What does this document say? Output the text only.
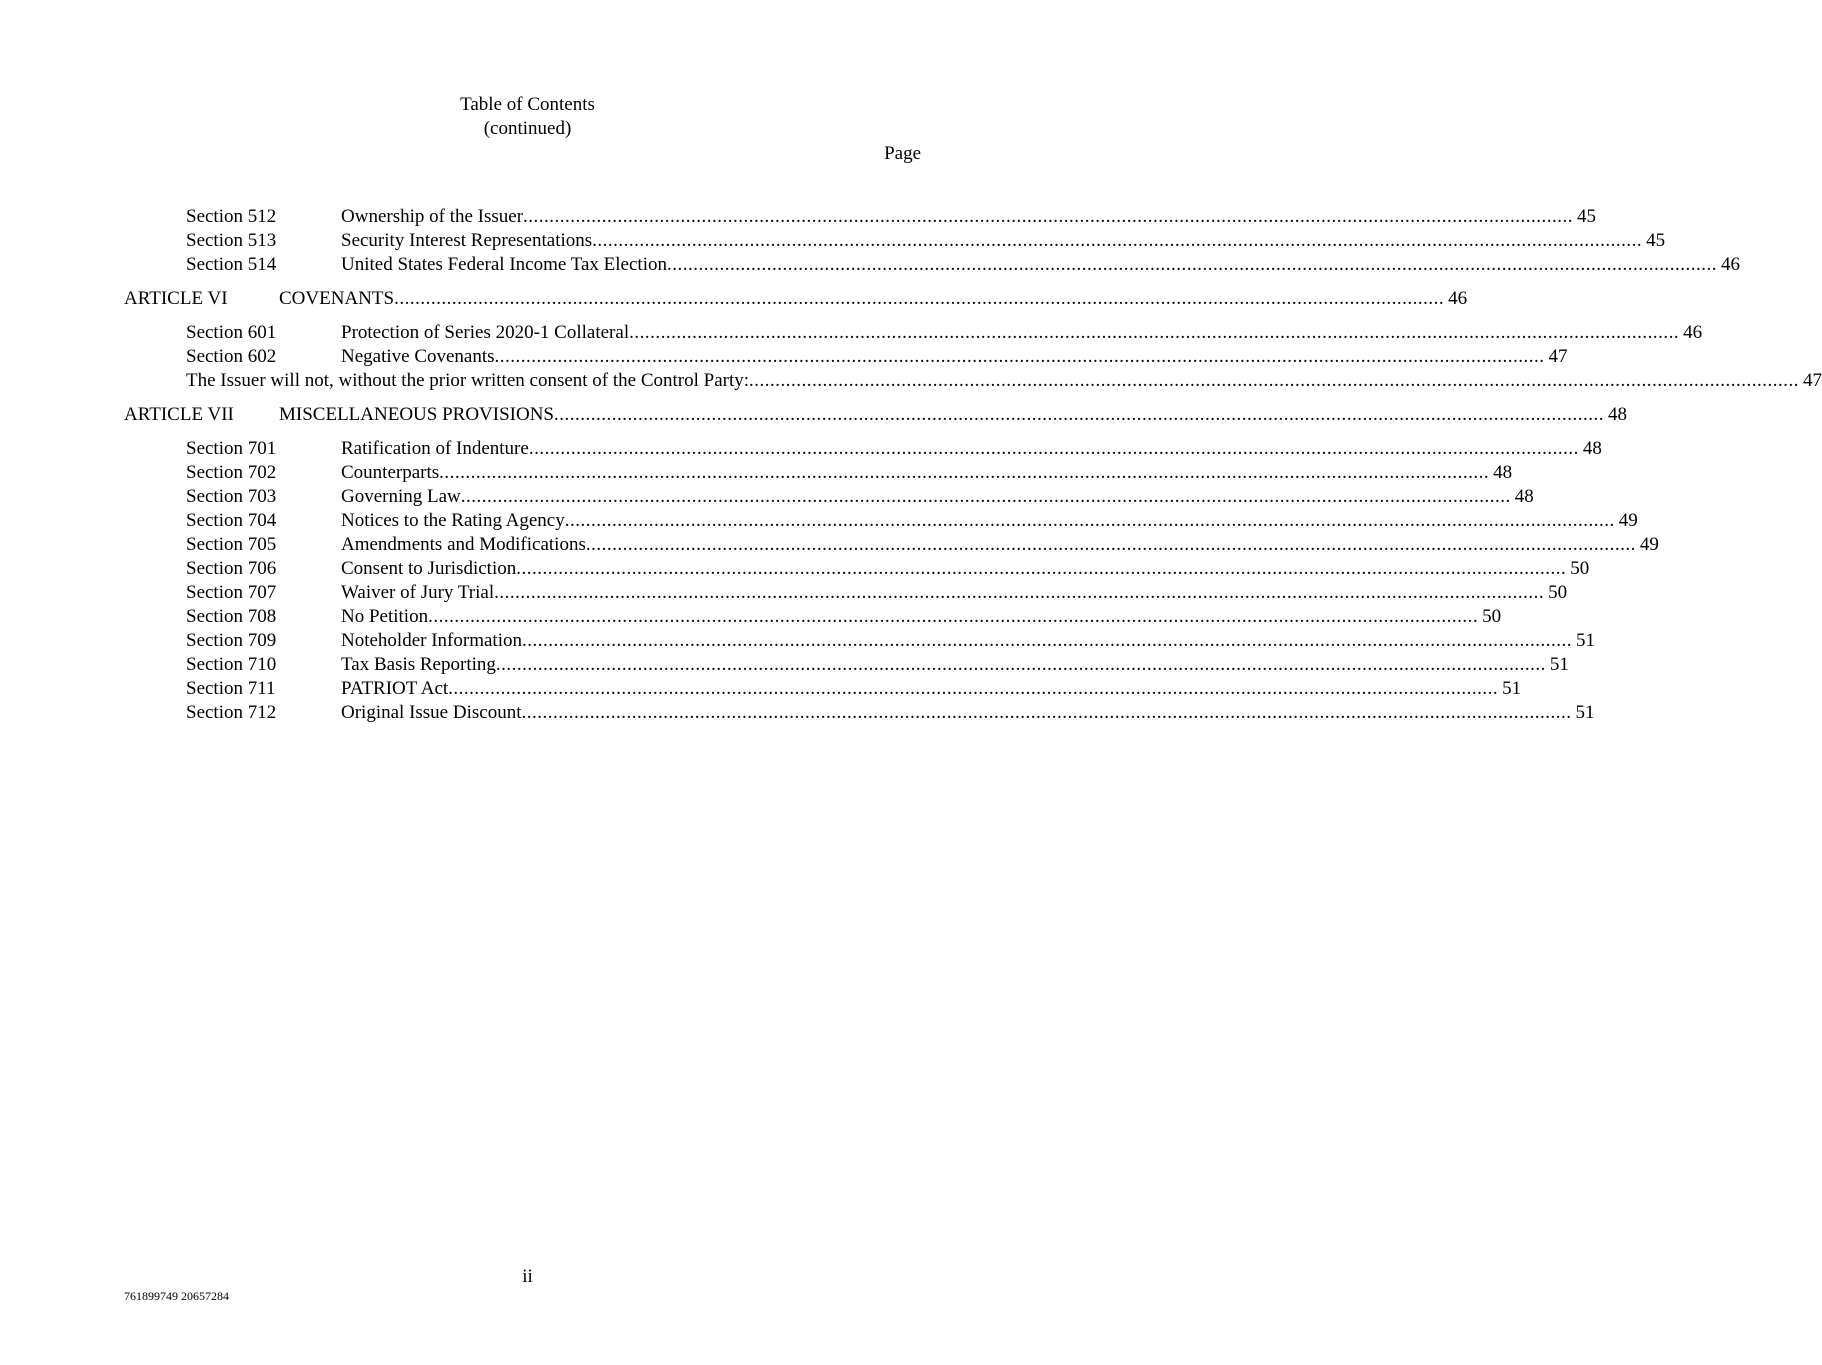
Table of Contents
(continued)
Page
Section 512	Ownership of the Issuer ........................................................................................................................................................................................................ 45
Section 513	Security Interest Representations ........................................................................................................................................................................................................ 45
Section 514	United States Federal Income Tax Election ........................................................................................................................................................................................................ 46
ARTICLE VI	COVENANTS ........................................................................................................................................................................................................ 46
Section 601	Protection of Series 2020-1 Collateral ........................................................................................................................................................................................................ 46
Section 602	Negative Covenants ........................................................................................................................................................................................................ 47
The Issuer will not, without the prior written consent of the Control Party: ........................................................................................................................................................................................................ 47
ARTICLE VII MISCELLANEOUS PROVISIONS ........................................................................................................................................................................................................ 48
Section 701	Ratification of Indenture ........................................................................................................................................................................................................ 48
Section 702	Counterparts ........................................................................................................................................................................................................ 48
Section 703	Governing Law ........................................................................................................................................................................................................ 48
Section 704	Notices to the Rating Agency ........................................................................................................................................................................................................ 49
Section 705	Amendments and Modifications ........................................................................................................................................................................................................ 49
Section 706	Consent to Jurisdiction ........................................................................................................................................................................................................ 50
Section 707	Waiver of Jury Trial ........................................................................................................................................................................................................ 50
Section 708	No Petition ........................................................................................................................................................................................................ 50
Section 709	Noteholder Information ........................................................................................................................................................................................................ 51
Section 710	Tax Basis Reporting ........................................................................................................................................................................................................ 51
Section 711	PATRIOT Act ........................................................................................................................................................................................................ 51
Section 712	Original Issue Discount ........................................................................................................................................................................................................ 51
ii
761899749 20657284
